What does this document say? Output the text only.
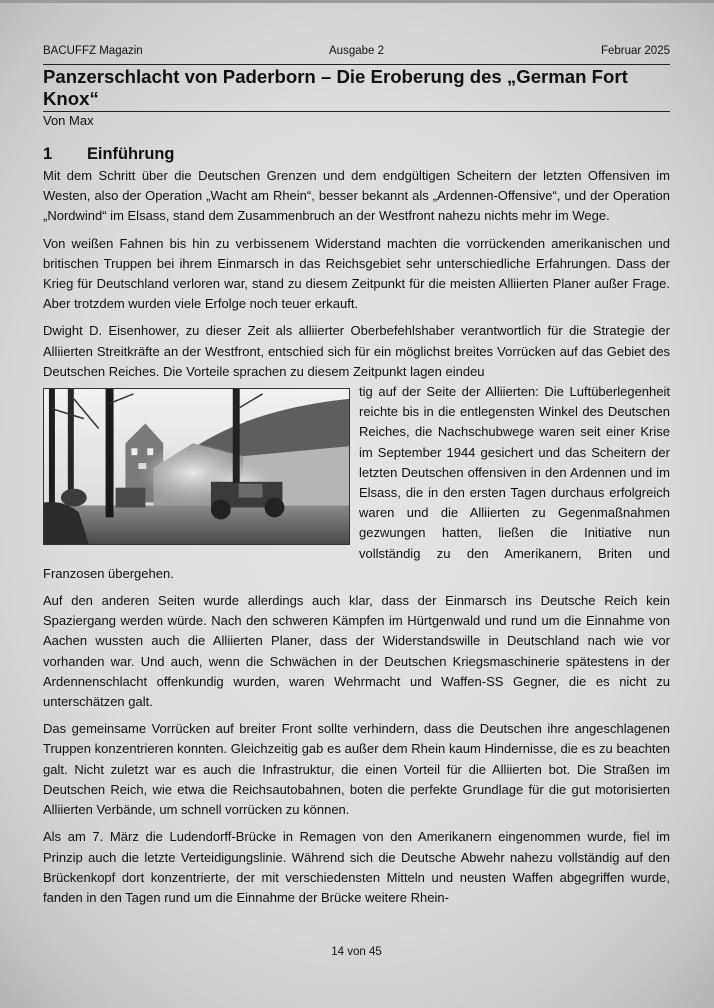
BACUFFZ Magazin	Ausgabe 2	Februar 2025
Panzerschlacht von Paderborn – Die Eroberung des „German Fort Knox“
Von Max
1	Einführung

Mit dem Schritt über die Deutschen Grenzen und dem endgültigen Scheitern der letzten Offensiven im Westen, also der Operation „Wacht am Rhein“, besser bekannt als „Ardennen-Offensive“, und der Operation „Nordwind“ im Elsass, stand dem Zusammenbruch an der Westfront nahezu nichts mehr im Wege.

Von weißen Fahnen bis hin zu verbissenem Widerstand machten die vorrückenden amerikanischen und britischen Truppen bei ihrem Einmarsch in das Reichsgebiet sehr unterschiedliche Erfahrungen. Dass der Krieg für Deutschland verloren war, stand zu diesem Zeitpunkt für die meisten Alliierten Planer außer Frage. Aber trotzdem wurden viele Erfolge noch teuer erkauft.

Dwight D. Eisenhower, zu dieser Zeit als alliierter Oberbefehlshaber verantwortlich für die Strategie der Alliierten Streitkräfte an der Westfront, entschied sich für ein möglichst breites Vorrücken auf das Gebiet des Deutschen Reiches. Die Vorteile sprachen zu diesem Zeitpunkt lagen eindeu

tig auf der Seite der Alliierten: Die Luftüberlegenheit reichte bis in die entlegensten Winkel des Deutschen Reiches, die Nachschubwege waren seit einer Krise im September 1944 gesichert und das Scheitern der letzten Deutschen offensiven in den Ardennen und im Elsass, die in den ersten Tagen durchaus erfolgreich waren und die Alliierten zu Gegenmaßnahmen gezwungen hatten, ließen die Initiative nun vollständig zu den Amerikanern, Briten und Franzosen übergehen.

Auf den anderen Seiten wurde allerdings auch klar, dass der Einmarsch ins Deutsche Reich kein Spaziergang werden würde. Nach den schweren Kämpfen im Hürtgenwald und rund um die Einnahme von Aachen wussten auch die Alliierten Planer, dass der Widerstandswille in Deutschland nach wie vor vorhanden war. Und auch, wenn die Schwächen in der Deutschen Kriegsmaschinerie spätestens in der Ardennenschlacht offenkundig wurden, waren Wehrmacht und Waffen-SS Gegner, die es nicht zu unterschätzen galt.

Das gemeinsame Vorrücken auf breiter Front sollte verhindern, dass die Deutschen ihre angeschlagenen Truppen konzentrieren konnten. Gleichzeitig gab es außer dem Rhein kaum Hindernisse, die es zu beachten galt. Nicht zuletzt war es auch die Infrastruktur, die einen Vorteil für die Alliierten bot. Die Straßen im Deutschen Reich, wie etwa die Reichsautobahnen, boten die perfekte Grundlage für die gut motorisierten Alliierten Verbände, um schnell vorrücken zu können.

Als am 7. März die Ludendorff-Brücke in Remagen von den Amerikanern eingenommen wurde, fiel im Prinzip auch die letzte Verteidigungslinie. Während sich die Deutsche Abwehr nahezu vollständig auf den Brückenkopf dort konzentrierte, der mit verschiedensten Mitteln und neusten Waffen abgegriffen wurde, fanden in den Tagen rund um die Einnahme der Brücke weitere Rhein-

14 von 45
